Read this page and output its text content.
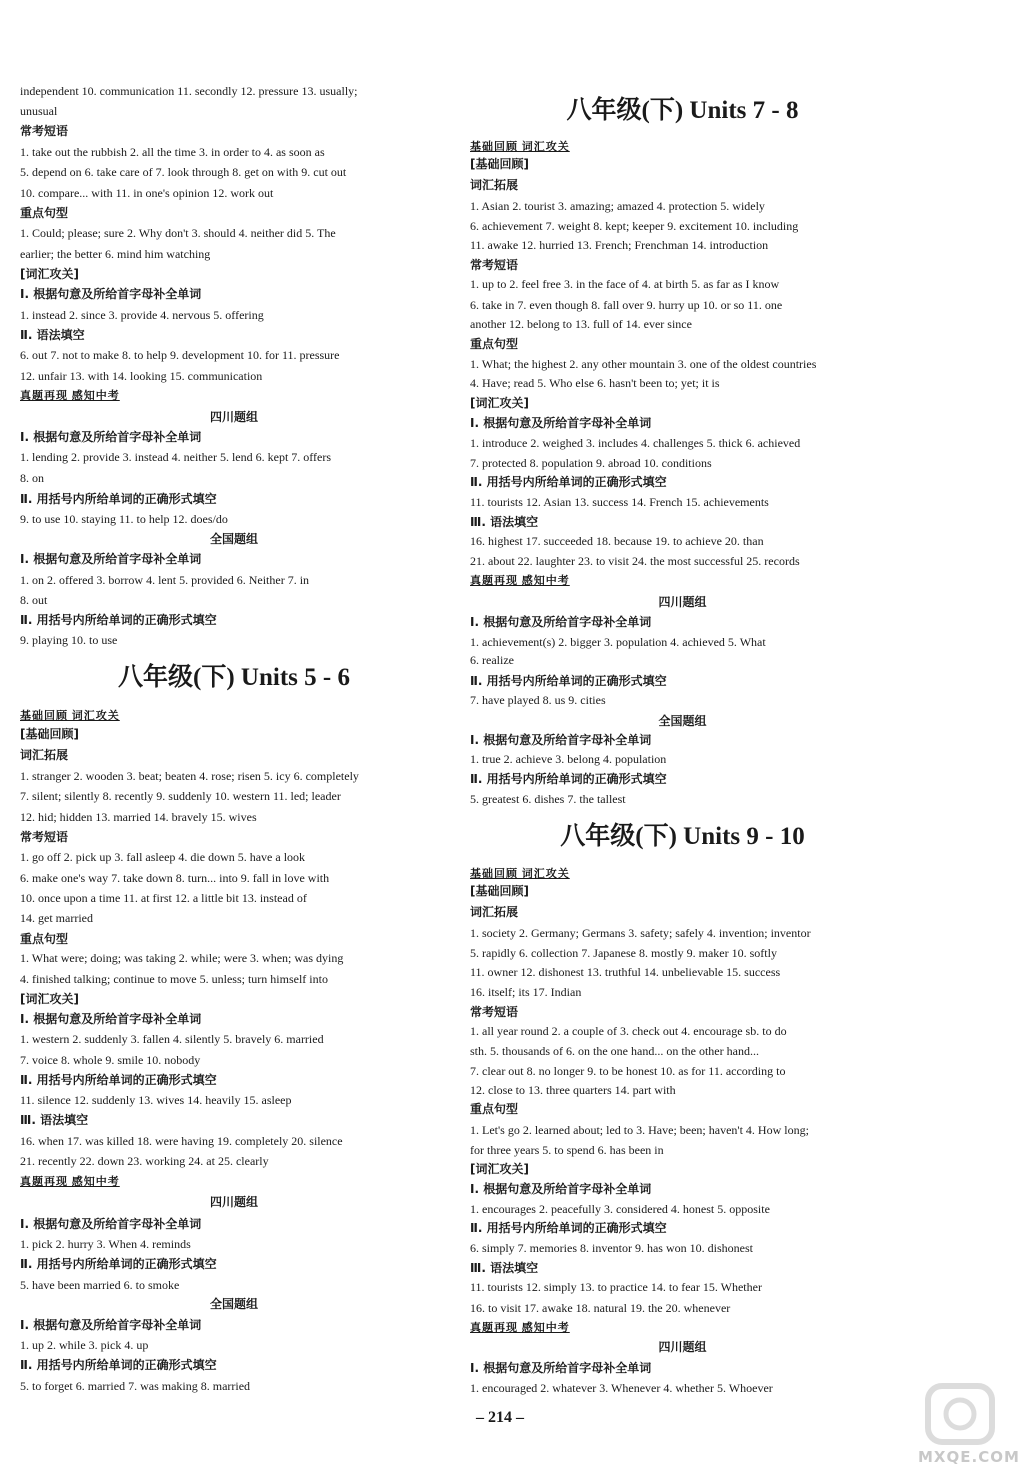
independent 10. communication 11. secondly 12. pressure 13. usually;
unusual
常考短语
1. take out the rubbish 2. all the time 3. in order to 4. as soon as
5. depend on 6. take care of 7. look through 8. get on with 9. cut out
10. compare... with 11. in one's opinion 12. work out
重点句型
1. Could; please; sure 2. Why don't 3. should 4. neither did 5. The
earlier; the better 6. mind him watching
[词汇攻关]
Ⅰ. 根据句意及所给首字母补全单词
1. instead 2. since 3. provide 4. nervous 5. offering
Ⅱ. 语法填空
6. out 7. not to make 8. to help 9. development 10. for 11. pressure
12. unfair 13. with 14. looking 15. communication
真题再现 感知中考
四川题组
Ⅰ. 根据句意及所给首字母补全单词
1. lending 2. provide 3. instead 4. neither 5. lend 6. kept 7. offers
8. on
Ⅱ. 用括号内所给单词的正确形式填空
9. to use 10. staying 11. to help 12. does/do
全国题组
Ⅰ. 根据句意及所给首字母补全单词
1. on 2. offered 3. borrow 4. lent 5. provided 6. Neither 7. in
8. out
Ⅱ. 用括号内所给单词的正确形式填空
9. playing 10. to use
八年级(下) Units 5 - 6
基础回顾 词汇攻关
[基础回顾]
词汇拓展
1. stranger 2. wooden 3. beat; beaten 4. rose; risen 5. icy 6. completely
7. silent; silently 8. recently 9. suddenly 10. western 11. led; leader
12. hid; hidden 13. married 14. bravely 15. wives
常考短语
1. go off 2. pick up 3. fall asleep 4. die down 5. have a look
6. make one's way 7. take down 8. turn... into 9. fall in love with
10. once upon a time 11. at first 12. a little bit 13. instead of
14. get married
重点句型
1. What were; doing; was taking 2. while; were 3. when; was dying
4. finished talking; continue to move 5. unless; turn himself into
[词汇攻关]
Ⅰ. 根据句意及所给首字母补全单词
1. western 2. suddenly 3. fallen 4. silently 5. bravely 6. married
7. voice 8. whole 9. smile 10. nobody
Ⅱ. 用括号内所给单词的正确形式填空
11. silence 12. suddenly 13. wives 14. heavily 15. asleep
Ⅲ. 语法填空
16. when 17. was killed 18. were having 19. completely 20. silence
21. recently 22. down 23. working 24. at 25. clearly
真题再现 感知中考
四川题组
Ⅰ. 根据句意及所给首字母补全单词
1. pick 2. hurry 3. When 4. reminds
Ⅱ. 用括号内所给单词的正确形式填空
5. have been married 6. to smoke
全国题组
Ⅰ. 根据句意及所给首字母补全单词
1. up 2. while 3. pick 4. up
Ⅱ. 用括号内所给单词的正确形式填空
5. to forget 6. married 7. was making 8. married
八年级(下) Units 7 - 8
基础回顾 词汇攻关
[基础回顾]
词汇拓展
1. Asian 2. tourist 3. amazing; amazed 4. protection 5. widely
6. achievement 7. weight 8. kept; keeper 9. excitement 10. including
11. awake 12. hurried 13. French; Frenchman 14. introduction
常考短语
1. up to 2. feel free 3. in the face of 4. at birth 5. as far as I know
6. take in 7. even though 8. fall over 9. hurry up 10. or so 11. one
another 12. belong to 13. full of 14. ever since
重点句型
1. What; the highest 2. any other mountain 3. one of the oldest countries
4. Have; read 5. Who else 6. hasn't been to; yet; it is
[词汇攻关]
Ⅰ. 根据句意及所给首字母补全单词
1. introduce 2. weighed 3. includes 4. challenges 5. thick 6. achieved
7. protected 8. population 9. abroad 10. conditions
Ⅱ. 用括号内所给单词的正确形式填空
11. tourists 12. Asian 13. success 14. French 15. achievements
Ⅲ. 语法填空
16. highest 17. succeeded 18. because 19. to achieve 20. than
21. about 22. laughter 23. to visit 24. the most successful 25. records
真题再现 感知中考
四川题组
Ⅰ. 根据句意及所给首字母补全单词
1. achievement(s) 2. bigger 3. population 4. achieved 5. What
6. realize
Ⅱ. 用括号内所给单词的正确形式填空
7. have played 8. us 9. cities
全国题组
Ⅰ. 根据句意及所给首字母补全单词
1. true 2. achieve 3. belong 4. population
Ⅱ. 用括号内所给单词的正确形式填空
5. greatest 6. dishes 7. the tallest
八年级(下) Units 9 - 10
基础回顾 词汇攻关
[基础回顾]
词汇拓展
1. society 2. Germany; Germans 3. safety; safely 4. invention; inventor
5. rapidly 6. collection 7. Japanese 8. mostly 9. maker 10. softly
11. owner 12. dishonest 13. truthful 14. unbelievable 15. success
16. itself; its 17. Indian
常考短语
1. all year round 2. a couple of 3. check out 4. encourage sb. to do
sth. 5. thousands of 6. on the one hand... on the other hand...
7. clear out 8. no longer 9. to be honest 10. as for 11. according to
12. close to 13. three quarters 14. part with
重点句型
1. Let's go 2. learned about; led to 3. Have; been; haven't 4. How long;
for three years 5. to spend 6. has been in
[词汇攻关]
Ⅰ. 根据句意及所给首字母补全单词
1. encourages 2. peacefully 3. considered 4. honest 5. opposite
Ⅱ. 用括号内所给单词的正确形式填空
6. simply 7. memories 8. inventor 9. has won 10. dishonest
Ⅲ. 语法填空
11. tourists 12. simply 13. to practice 14. to fear 15. Whether
16. to visit 17. awake 18. natural 19. the 20. whenever
真题再现 感知中考
四川题组
Ⅰ. 根据句意及所给首字母补全单词
1. encouraged 2. whatever 3. Whenever 4. whether 5. Whoever
– 214 –
MXQE.COM
